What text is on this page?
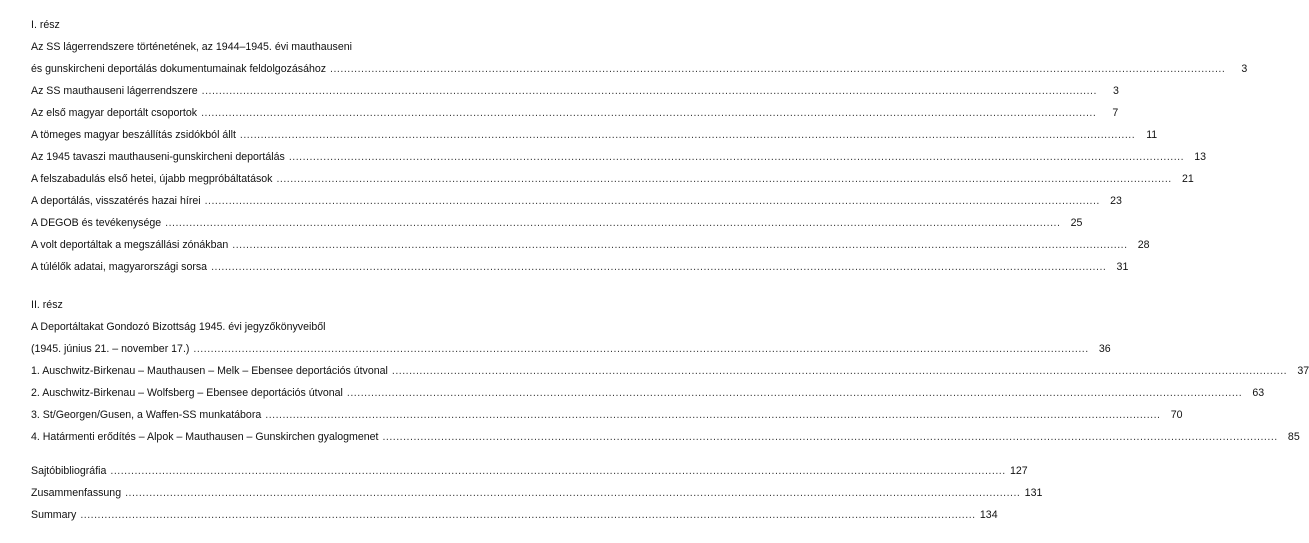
I. rész
Az SS lágerrendszere történetének, az 1944–1945. évi mauthauseni
és gunskircheni deportálás dokumentumainak feldolgozásához ....................................................................................................................................................................................................................................................................	3
Az SS mauthauseni lágerrendszere ....................................................................................................................................................................................................................................................................	3
Az első magyar deportált csoportok ....................................................................................................................................................................................................................................................................	7
A tömeges magyar beszállítás zsidókból állt ....................................................................................................................................................................................................................................................................	11
Az 1945 tavaszi mauthauseni-gunskircheni deportálás .................................................................................................................................................................................................................................................................... 13
A felszabadulás első hetei, újabb megpróbáltatások .................................................................................................................................................................................................................................................................... 21
A deportálás, visszatérés hazai hírei .................................................................................................................................................................................................................................................................... 23
A DEGOB és tevékenysége .................................................................................................................................................................................................................................................................... 25
A volt deportáltak a megszállási zónákban .................................................................................................................................................................................................................................................................... 28
A túlélők adatai, magyarországi sorsa .................................................................................................................................................................................................................................................................... 31
II. rész
A Deportáltakat Gondozó Bizottság 1945. évi jegyzőkönyveiből
(1945. június 21. – november 17.) .................................................................................................................................................................................................................................................................... 36
1. Auschwitz-Birkenau – Mauthausen – Melk – Ebensee deportációs útvonal .................................................................................................................................................................................................................................................................... 37
2. Auschwitz-Birkenau – Wolfsberg – Ebensee deportációs útvonal .................................................................................................................................................................................................................................................................... 63
3. St/Georgen/Gusen, a Waffen-SS munkatábora .................................................................................................................................................................................................................................................................... 70
4. Határmenti erődítés – Alpok – Mauthausen – Gunskirchen gyalogmenet .................................................................................................................................................................................................................................................................... 85
Sajtóbibliográfia .................................................................................................................................................................................................................................................................... 127
Zusammenfassung .................................................................................................................................................................................................................................................................... 131
Summary .................................................................................................................................................................................................................................................................... 134
